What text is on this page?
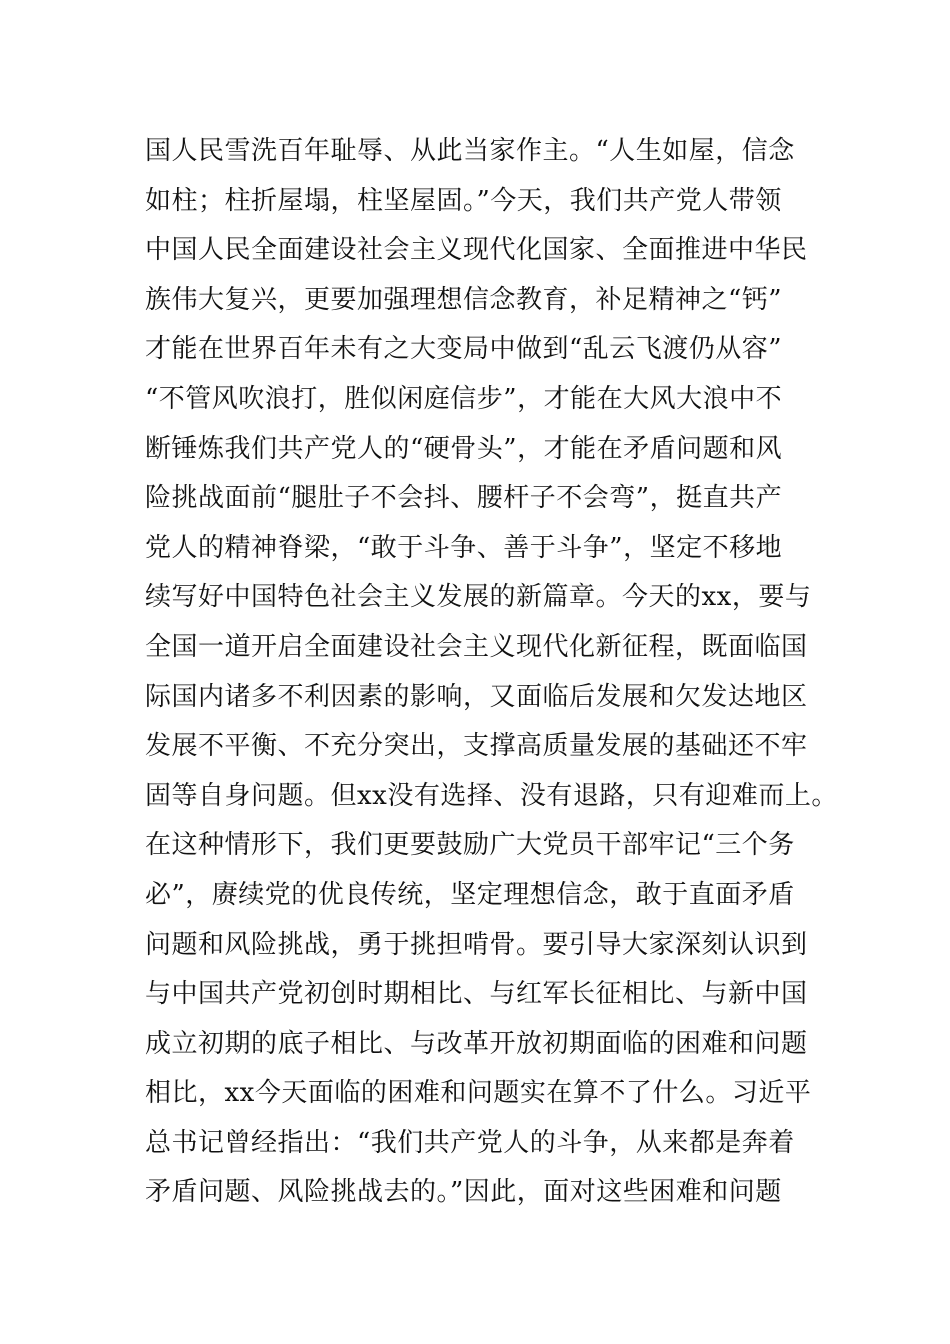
国人民雪洗百年耻辱、从此当家作主。“人生如屋，信念
如柱；柱折屋塌，柱坚屋固。”今天，我们共产党人带领
中国人民全面建设社会主义现代化国家、全面推进中华民
族伟大复兴，更要加强理想信念教育，补足精神之“钙”
才能在世界百年未有之大变局中做到“乱云飞渡仍从容”
“不管风吹浪打，胜似闲庭信步”，才能在大风大浪中不
断锤炼我们共产党人的“硬骨头”，才能在矛盾问题和风
险挑战面前“腿肚子不会抖、腰杆子不会弯”，挺直共产
党人的精神脊梁，“敢于斗争、善于斗争”，坚定不移地
续写好中国特色社会主义发展的新篇章。今天的xx，要与
全国一道开启全面建设社会主义现代化新征程，既面临国
际国内诸多不利因素的影响，又面临后发展和欠发达地区
发展不平衡、不充分突出，支撑高质量发展的基础还不牢
固等自身问题。但xx没有选择、没有退路，只有迎难而上。
在这种情形下，我们更要鼓励广大党员干部牢记“三个务
必”，赓续党的优良传统，坚定理想信念，敢于直面矛盾
问题和风险挑战，勇于挑担啃骨。要引导大家深刻认识到
与中国共产党初创时期相比、与红军长征相比、与新中国
成立初期的底子相比、与改革开放初期面临的困难和问题
相比，xx今天面临的困难和问题实在算不了什么。习近平
总书记曾经指出：“我们共产党人的斗争，从来都是奔着
矛盾问题、风险挑战去的。”因此，面对这些困难和问题
